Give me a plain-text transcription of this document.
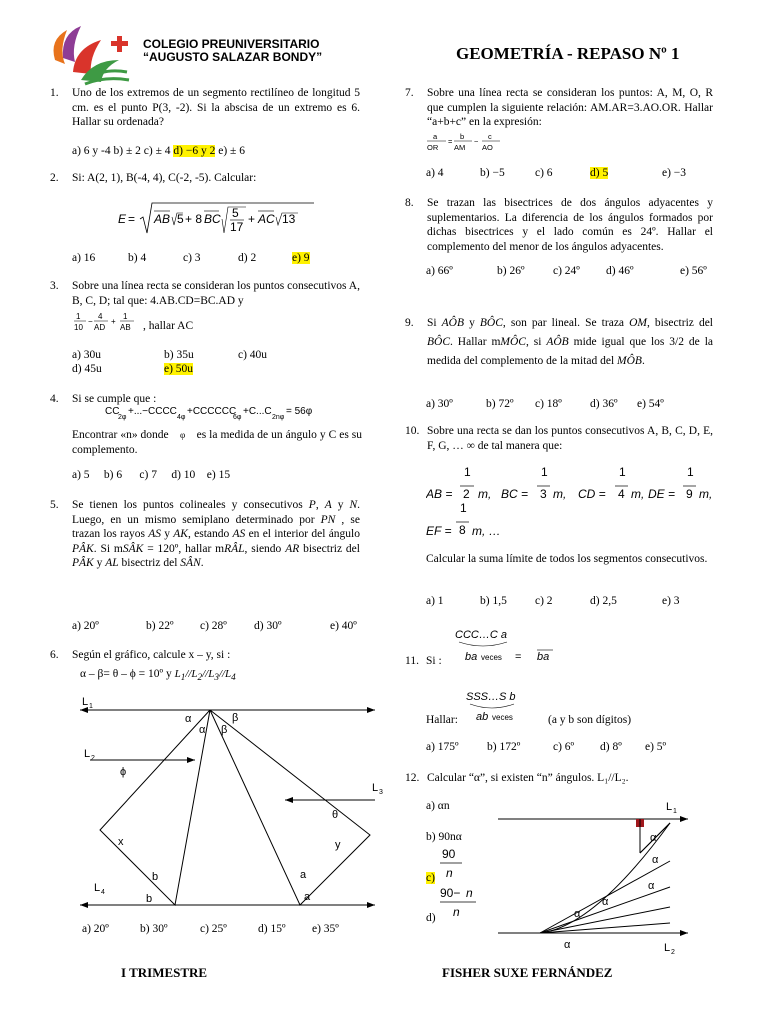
COLEGIO PREUNIVERSITARIO
“AUGUSTO SALAZAR BONDY”	GEOMETRÍA - REPASO Nº 1
1. Uno de los extremos de un segmento rectilíneo de longitud 5 cm. es el punto P(3, -2). Si la abscisa de un extremo es 6. Hallar su ordenada?
a) 6 y -4 b) ± 2 c) ± 4 d) −6 y 2 e) ± 6
2. Si: A(2, 1), B(-4, 4), C(-2, -5). Calcular:
E = AB 5 + 8 BC 5
17
+ AC 13
a) 16	b) 4	c) 3	d) 2	e) 9
3. Sobre una línea recta se consideran los puntos consecutivos A, B, C, D; tal que: 4.AB.CD=BC.AD y
1
10
−
4
AD
+
1
AB , hallar AC
a) 30u	b) 35u	c) 40u
d) 45u	e) 50u
4. Si se cumple que :
CC
2φ
+...−CCCC
4φ
+CCCCCC
6φ
+C...C
2nφ
= 56φ
Encontrar «n» donde φ es la medida de un ángulo y C es su complemento.
a) 5     b) 6      c) 7     d) 10    e) 15
5. Se tienen los puntos colineales y consecutivos P, A y N. Luego, en un mismo semiplano determinado por PN , se trazan los rayos AS y AK, estando AS en el interior del ángulo PÂK. Si mSÂK = 120º, hallar mRÂL, siendo AR bisectriz del PÂK y AL bisectriz del SÂN.
a) 20º	b) 22º c) 28º d) 30º	e) 40º
6. Según el gráfico, calcule x – y, si :
α – β= θ – ϕ = 10º y $L_1//L_2//L_3//L_4$
L 1
L 2
L 3
L 4
α	β
α β
ϕ
θ
x	y
b
b
a
a
a) 20º	b) 30º	c) 25º	d) 15º e) 35º
7. Sobre una línea recta se consideran los puntos: A, M, O, R que cumplen la siguiente relación: AM.AR=3.AO.OR. Hallar “a+b+c” en la expresión:
a
OR
=
b
AM
−
c
AO
a) 4	b) −5	c) 6	d) 5	e) −3
8. Se trazan las bisectrices de dos ángulos adyacentes y suplementarios. La diferencia de los ángulos formados por dichas bisectrices y el lado común es 24º. Hallar el complemento del menor de los ángulos adyacentes.
a) 66º	b) 26º c) 24º d) 46º	e) 56º
9. Si AÔB y BÔC, son par lineal. Se traza OM, bisectriz del BÔC. Hallar mMÔC, si AÔB mide igual que los 3/2 de la medida del complemento de la mitad del MÔB.
a) 30º	b) 72º c) 18º d) 36º e) 54º
10. Sobre una recta se dan los puntos consecutivos A, B, C, D, E, F, G, … ∞ de tal manera que:
AB =
1
2 m, BC =
1
3 m, CD =
1
4 m, DE =
1
9 m,
EF =
1
8 m, …
Calcular la suma límite de todos los segmentos consecutivos.
a) 1	b) 1,5 c) 2	d) 2,5	e) 3
11. Si :
CCC…C a
ba veces = ba
SSS…S b
ab veces
Hallar:	(a y b son dígitos)
a) 175º b) 172º	c) 6º d) 8º e) 5º
12. Calcular “α”, si existen “n” ángulos. L₁//L₂.
a) αn
b) 90nα
c)
90
n
d)
90− n
n
L 1
L 2
α
α
α
α
α
α
I TRIMESTRE	FISHER SUXE FERNÁNDEZ
